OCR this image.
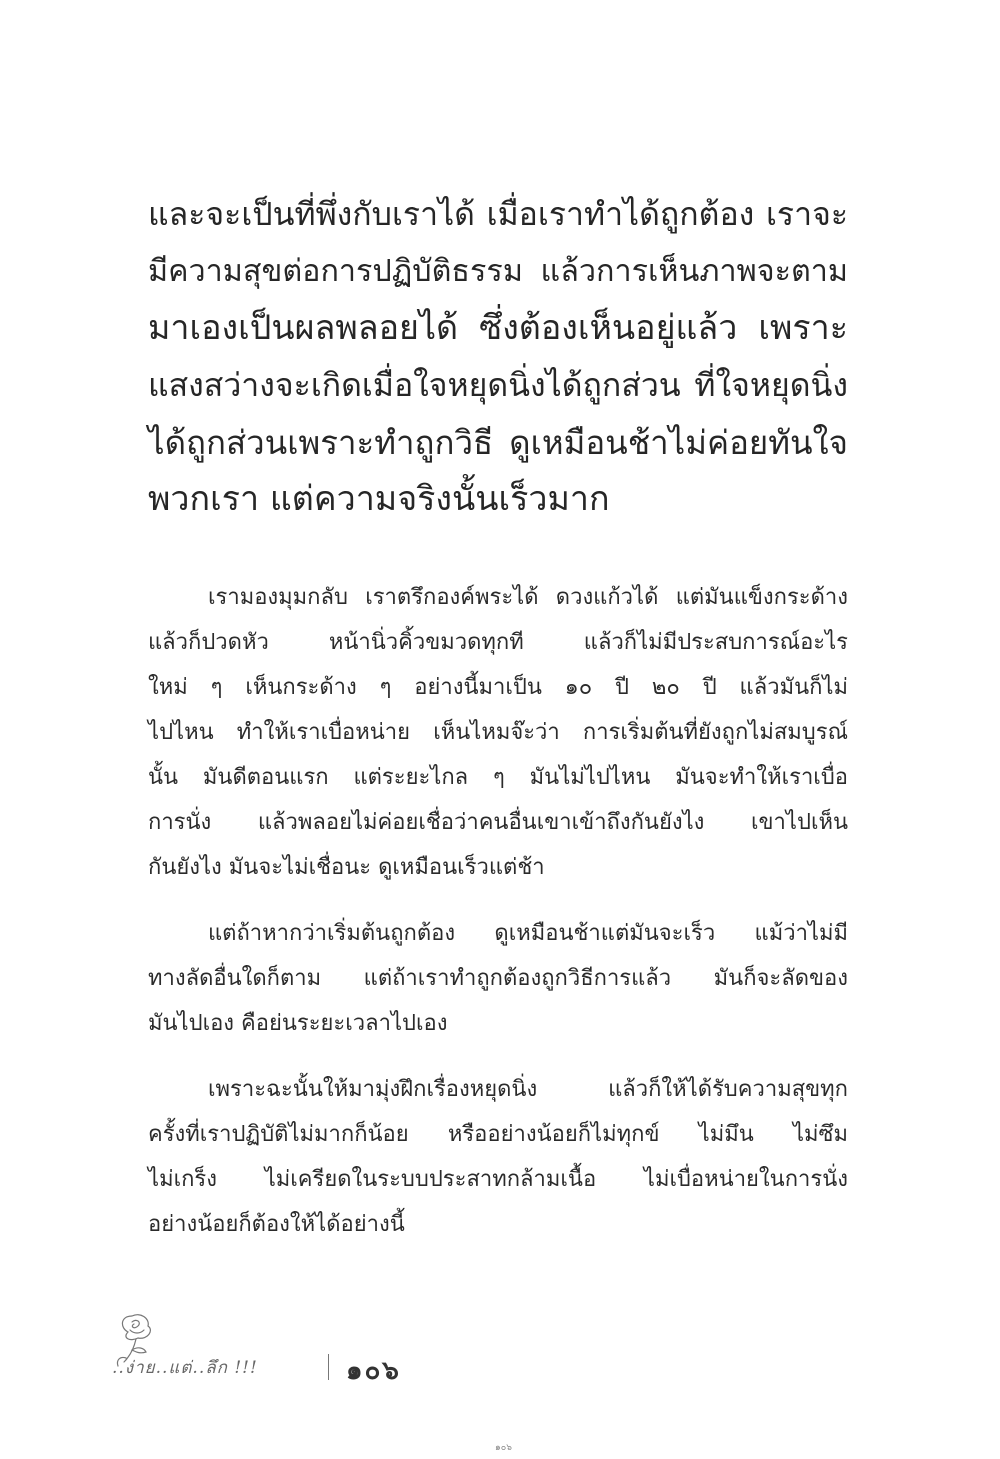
และจะเป็นที่พึ่งกับเราได้ เมื่อเราทำได้ถูกต้อง เราจะ
มีความสุขต่อการปฏิบัติธรรม แล้วการเห็นภาพจะตาม
มาเองเป็นผลพลอยได้ ซึ่งต้องเห็นอยู่แล้ว เพราะ
แสงสว่างจะเกิดเมื่อใจหยุดนิ่งได้ถูกส่วน ที่ใจหยุดนิ่ง
ได้ถูกส่วนเพราะทำถูกวิธี ดูเหมือนช้าไม่ค่อยทันใจ
พวกเรา แต่ความจริงนั้นเร็วมาก
เรามองมุมกลับ เราตรึกองค์พระได้ ดวงแก้วได้ แต่มันแข็งกระด้าง
แล้วก็ปวดหัว หน้านิ่วคิ้วขมวดทุกที แล้วก็ไม่มีประสบการณ์อะไร
ใหม่ ๆ เห็นกระด้าง ๆ อย่างนี้มาเป็น ๑๐ ปี ๒๐ ปี แล้วมันก็ไม่
ไปไหน ทำให้เราเบื่อหน่าย เห็นไหมจ๊ะว่า การเริ่มต้นที่ยังถูกไม่สมบูรณ์
นั้น มันดีตอนแรก แต่ระยะไกล ๆ มันไม่ไปไหน มันจะทำให้เราเบื่อ
การนั่ง แล้วพลอยไม่ค่อยเชื่อว่าคนอื่นเขาเข้าถึงกันยังไง เขาไปเห็น
กันยังไง มันจะไม่เชื่อนะ ดูเหมือนเร็วแต่ช้า
แต่ถ้าหากว่าเริ่มต้นถูกต้อง ดูเหมือนช้าแต่มันจะเร็ว แม้ว่าไม่มี
ทางลัดอื่นใดก็ตาม แต่ถ้าเราทำถูกต้องถูกวิธีการแล้ว มันก็จะลัดของ
มันไปเอง คือย่นระยะเวลาไปเอง
เพราะฉะนั้นให้มามุ่งฝึกเรื่องหยุดนิ่ง แล้วก็ให้ได้รับความสุขทุก
ครั้งที่เราปฏิบัติไม่มากก็น้อย หรืออย่างน้อยก็ไม่ทุกข์ ไม่มึน ไม่ซึม
ไม่เกร็ง ไม่เครียดในระบบประสาทกล้ามเนื้อ ไม่เบื่อหน่ายในการนั่ง
อย่างน้อยก็ต้องให้ได้อย่างนี้
..ง่าย..แต่..ลึก !!!	๑๐๖
๑๐๖
